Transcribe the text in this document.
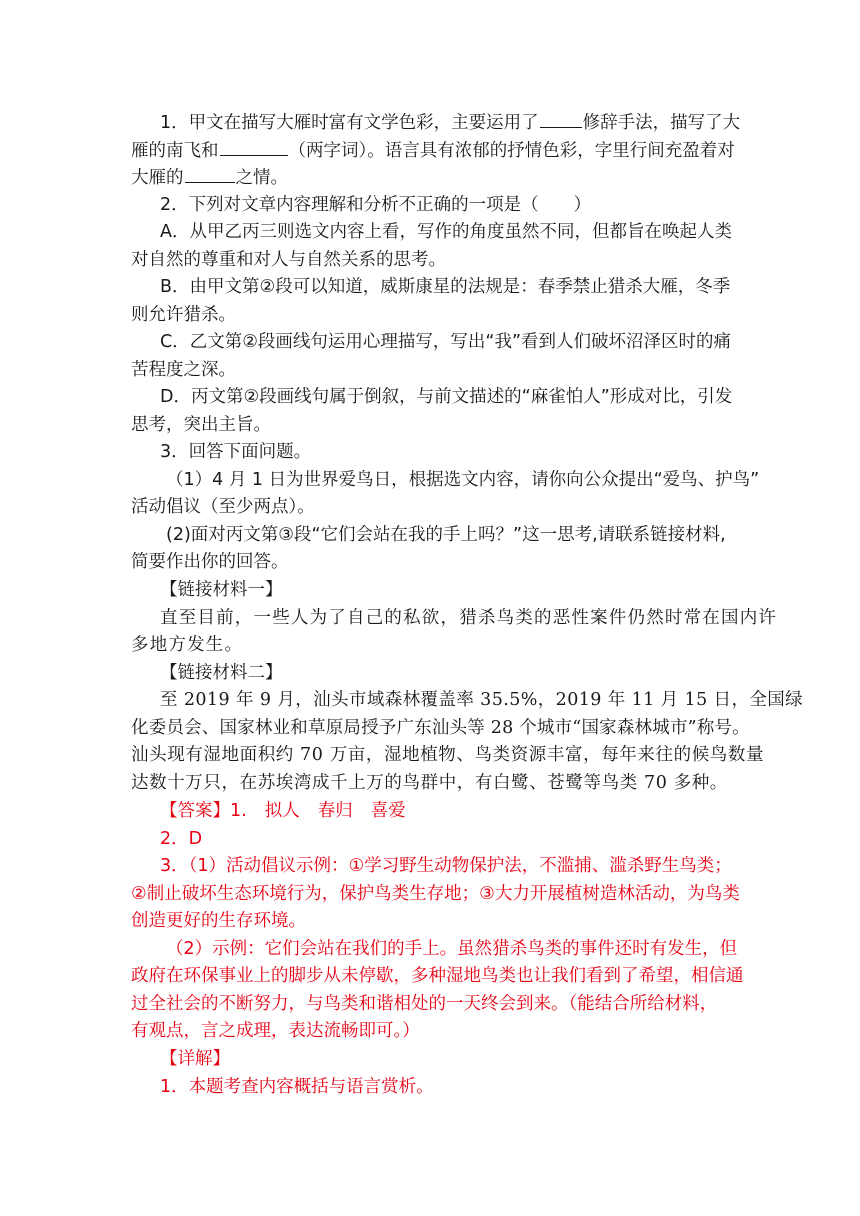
1．甲文在描写大雁时富有文学色彩，主要运用了	修辞手法，描写了大
雁的南飞和	（两字词）。语言具有浓郁的抒情色彩，字里行间充盈着对
大雁的	之情。
2．下列对文章内容理解和分析不正确的一项是（　　）
A．从甲乙丙三则选文内容上看，写作的角度虽然不同，但都旨在唤起人类
对自然的尊重和对人与自然关系的思考。
B．由甲文第②段可以知道，威斯康星的法规是：春季禁止猎杀大雁，冬季
则允许猎杀。
C．乙文第②段画线句运用心理描写，写出“我”看到人们破坏沼泽区时的痛
苦程度之深。
D．丙文第②段画线句属于倒叙，与前文描述的“麻雀怕人”形成对比，引发
思考，突出主旨。
3．回答下面问题。
（1）4 月 1 日为世界爱鸟日，根据选文内容，请你向公众提出“爱鸟、护鸟”
活动倡议（至少两点）。
(2)面对丙文第③段“它们会站在我的手上吗？”这一思考,请联系链接材料,
简要作出你的回答。
【链接材料一】
直至目前，一些人为了自己的私欲，猎杀鸟类的恶性案件仍然时常在国内许
多地方发生。
【链接材料二】
至 2019 年 9 月，汕头市域森林覆盖率 35.5%，2019 年 11 月 15 日，全国绿
化委员会、国家林业和草原局授予广东汕头等 28 个城市“国家森林城市”称号。
汕头现有湿地面积约 70 万亩，湿地植物、鸟类资源丰富，每年来往的候鸟数量
达数十万只，在苏埃湾成千上万的鸟群中，有白鹭、苍鹭等鸟类 70 多种。
【答案】1. 拟人 春归 喜爱
2．D
3．（1）活动倡议示例：①学习野生动物保护法，不滥捕、滥杀野生鸟类；
②制止破坏生态环境行为，保护鸟类生存地；③大力开展植树造林活动，为鸟类
创造更好的生存环境。
（2）示例：它们会站在我们的手上。虽然猎杀鸟类的事件还时有发生，但
政府在环保事业上的脚步从未停歇，多种湿地鸟类也让我们看到了希望，相信通
过全社会的不断努力，与鸟类和谐相处的一天终会到来。（能结合所给材料，
有观点，言之成理，表达流畅即可。）
【详解】
1．本题考查内容概括与语言赏析。
